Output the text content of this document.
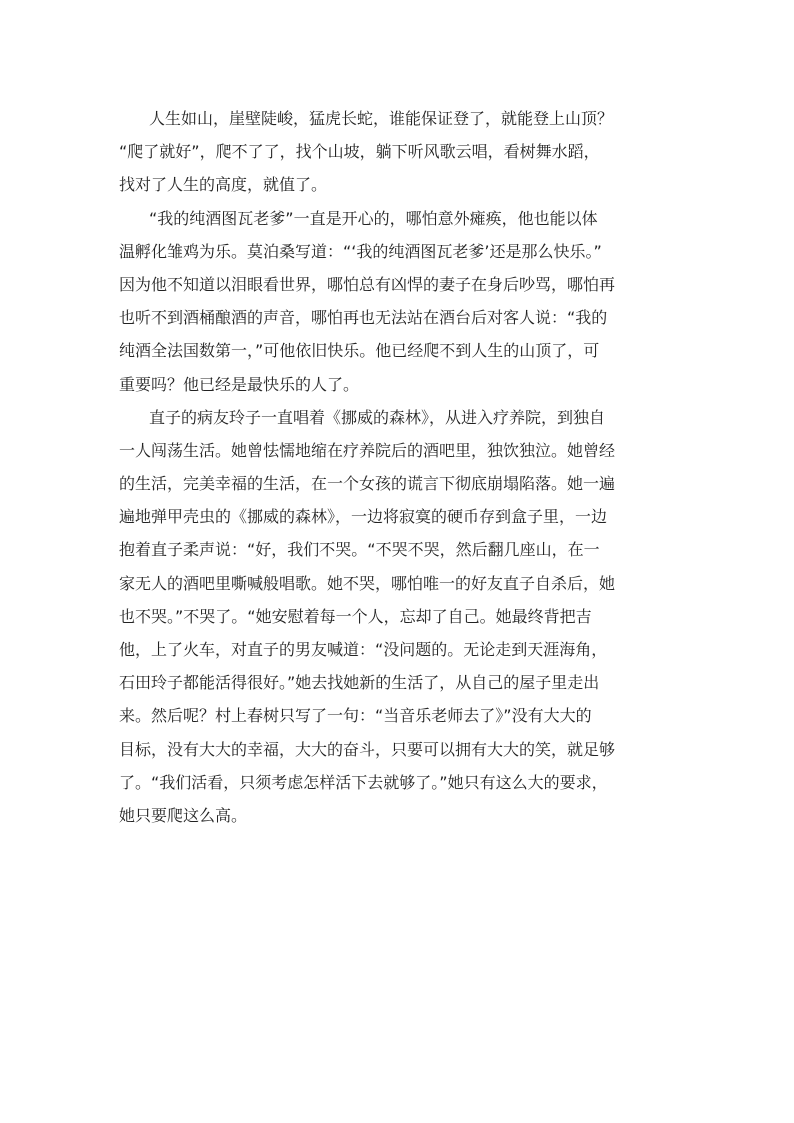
人生如山，崖壁陡峻，猛虎长蛇，谁能保证登了，就能登上山顶？
“爬了就好”，爬不了了，找个山坡，躺下听风歌云唱，看树舞水蹈，
找对了人生的高度，就值了。

“我的纯酒图瓦老爹”一直是开心的，哪怕意外瘫痪，他也能以体
温孵化雏鸡为乐。莫泊桑写道：“‘我的纯酒图瓦老爹’还是那么快乐。”
因为他不知道以泪眼看世界，哪怕总有凶悍的妻子在身后吵骂，哪怕再
也听不到酒桶酿酒的声音，哪怕再也无法站在酒台后对客人说：“我的
纯酒全法国数第一，”可他依旧快乐。他已经爬不到人生的山顶了，可
重要吗？他已经是最快乐的人了。

直子的病友玲子一直唱着《挪威的森林》，从进入疗养院，到独自
一人闯荡生活。她曾怯懦地缩在疗养院后的酒吧里，独饮独泣。她曾经
的生活，完美幸福的生活，在一个女孩的谎言下彻底崩塌陷落。她一遍
遍地弹甲壳虫的《挪威的森林》，一边将寂寞的硬币存到盒子里，一边
抱着直子柔声说：“好，我们不哭。“不哭不哭，然后翻几座山，在一
家无人的酒吧里嘶喊般唱歌。她不哭，哪怕唯一的好友直子自杀后，她
也不哭。”不哭了。“她安慰着每一个人，忘却了自己。她最终背把吉
他，上了火车，对直子的男友喊道：“没问题的。无论走到天涯海角，
石田玲子都能活得很好。”她去找她新的生活了，从自己的屋子里走出
来。然后呢？村上春树只写了一句：“当音乐老师去了》”没有大大的
目标，没有大大的幸福，大大的奋斗，只要可以拥有大大的笑，就足够
了。“我们活看，只须考虑怎样活下去就够了。”她只有这么大的要求，
她只要爬这么高。
